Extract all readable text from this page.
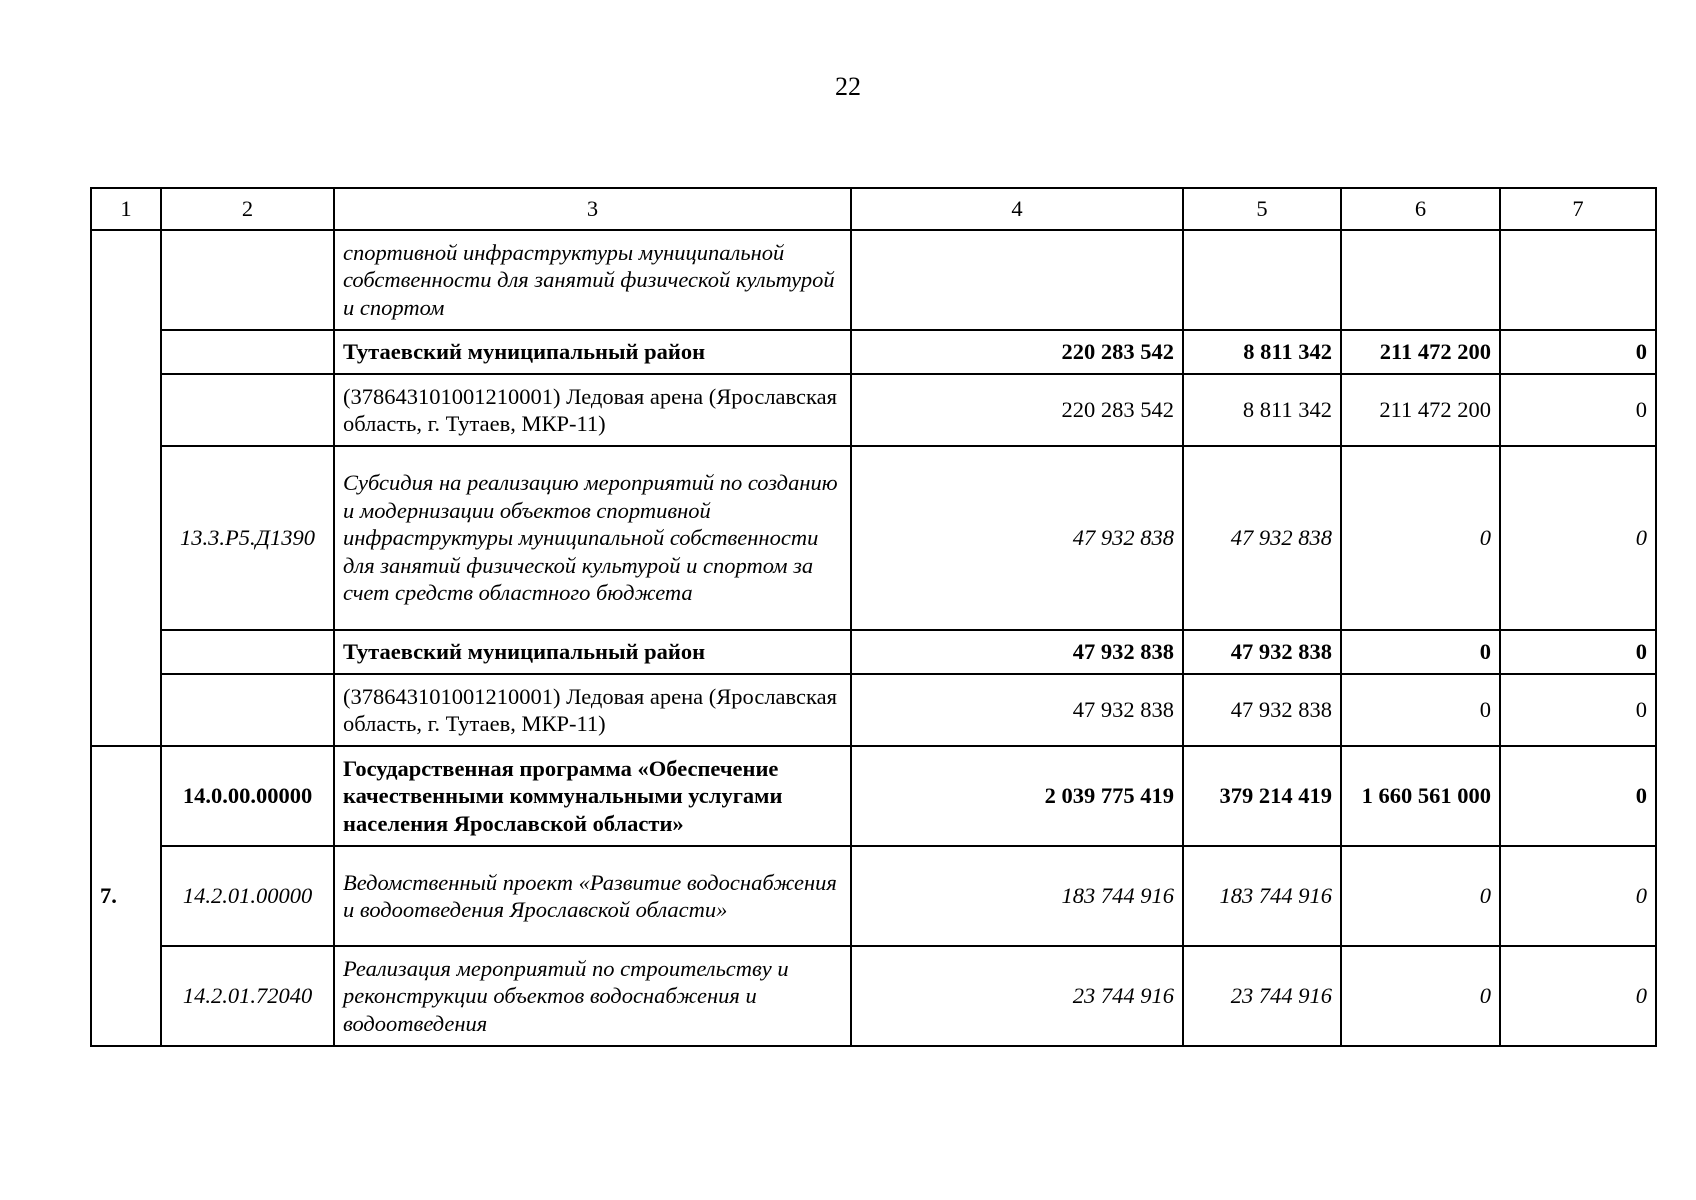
22
1	2	3	4	5	6	7
		спортивной инфраструктуры муниципальной собственности для занятий физической культурой и спортом				
		Тутаевский муниципальный район	220 283 542	8 811 342	211 472 200	0
		(378643101001210001) Ледовая арена (Ярославская область, г. Тутаев, МКР-11)	220 283 542	8 811 342	211 472 200	0
	13.3.Р5.Д1390	Субсидия на реализацию мероприятий по созданию и модернизации объектов спортивной инфраструктуры муниципальной собственности для занятий физической культурой и спортом за счет средств областного бюджета	47 932 838	47 932 838	0	0
		Тутаевский муниципальный район	47 932 838	47 932 838	0	0
		(378643101001210001) Ледовая арена (Ярославская область, г. Тутаев, МКР-11)	47 932 838	47 932 838	0	0
7.	14.0.00.00000	Государственная программа «Обеспечение качественными коммунальными услугами населения Ярославской области»	2 039 775 419	379 214 419	1 660 561 000	0
	14.2.01.00000	Ведомственный проект «Развитие водоснабжения и водоотведения Ярославской области»	183 744 916	183 744 916	0	0
	14.2.01.72040	Реализация мероприятий по строительству и реконструкции объектов водоснабжения и водоотведения	23 744 916	23 744 916	0	0
